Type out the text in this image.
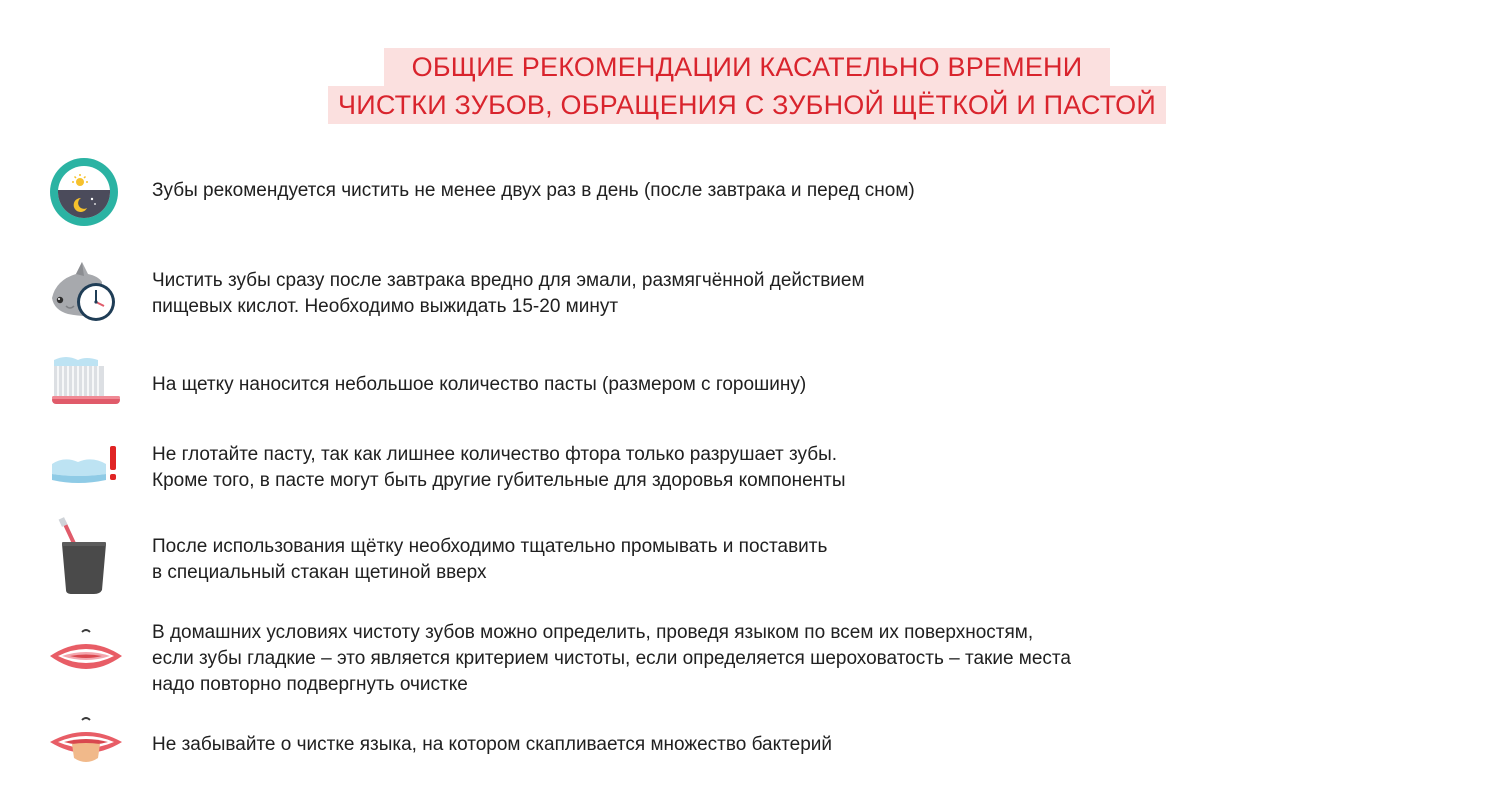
ОБЩИЕ РЕКОМЕНДАЦИИ КАСАТЕЛЬНО ВРЕМЕНИ
ЧИСТКИ ЗУБОВ, ОБРАЩЕНИЯ С ЗУБНОЙ ЩЁТКОЙ И ПАСТОЙ
Зубы рекомендуется чистить не менее двух раз в день (после завтрака и перед сном)
Чистить зубы сразу после завтрака вредно для эмали, размягчённой действием
пищевых кислот. Необходимо выжидать 15-20 минут
На щетку наносится небольшое количество пасты (размером с горошину)
Не глотайте пасту, так как лишнее количество фтора только разрушает зубы.
Кроме того, в пасте могут быть другие губительные для здоровья компоненты
После использования щётку необходимо тщательно промывать и поставить
в специальный стакан щетиной вверх
В домашних условиях чистоту зубов можно определить, проведя языком по всем их поверхностям,
если зубы гладкие – это является критерием чистоты, если определяется шероховатость – такие места
надо повторно подвергнуть очистке
Не забывайте о чистке языка, на котором скапливается множество бактерий
